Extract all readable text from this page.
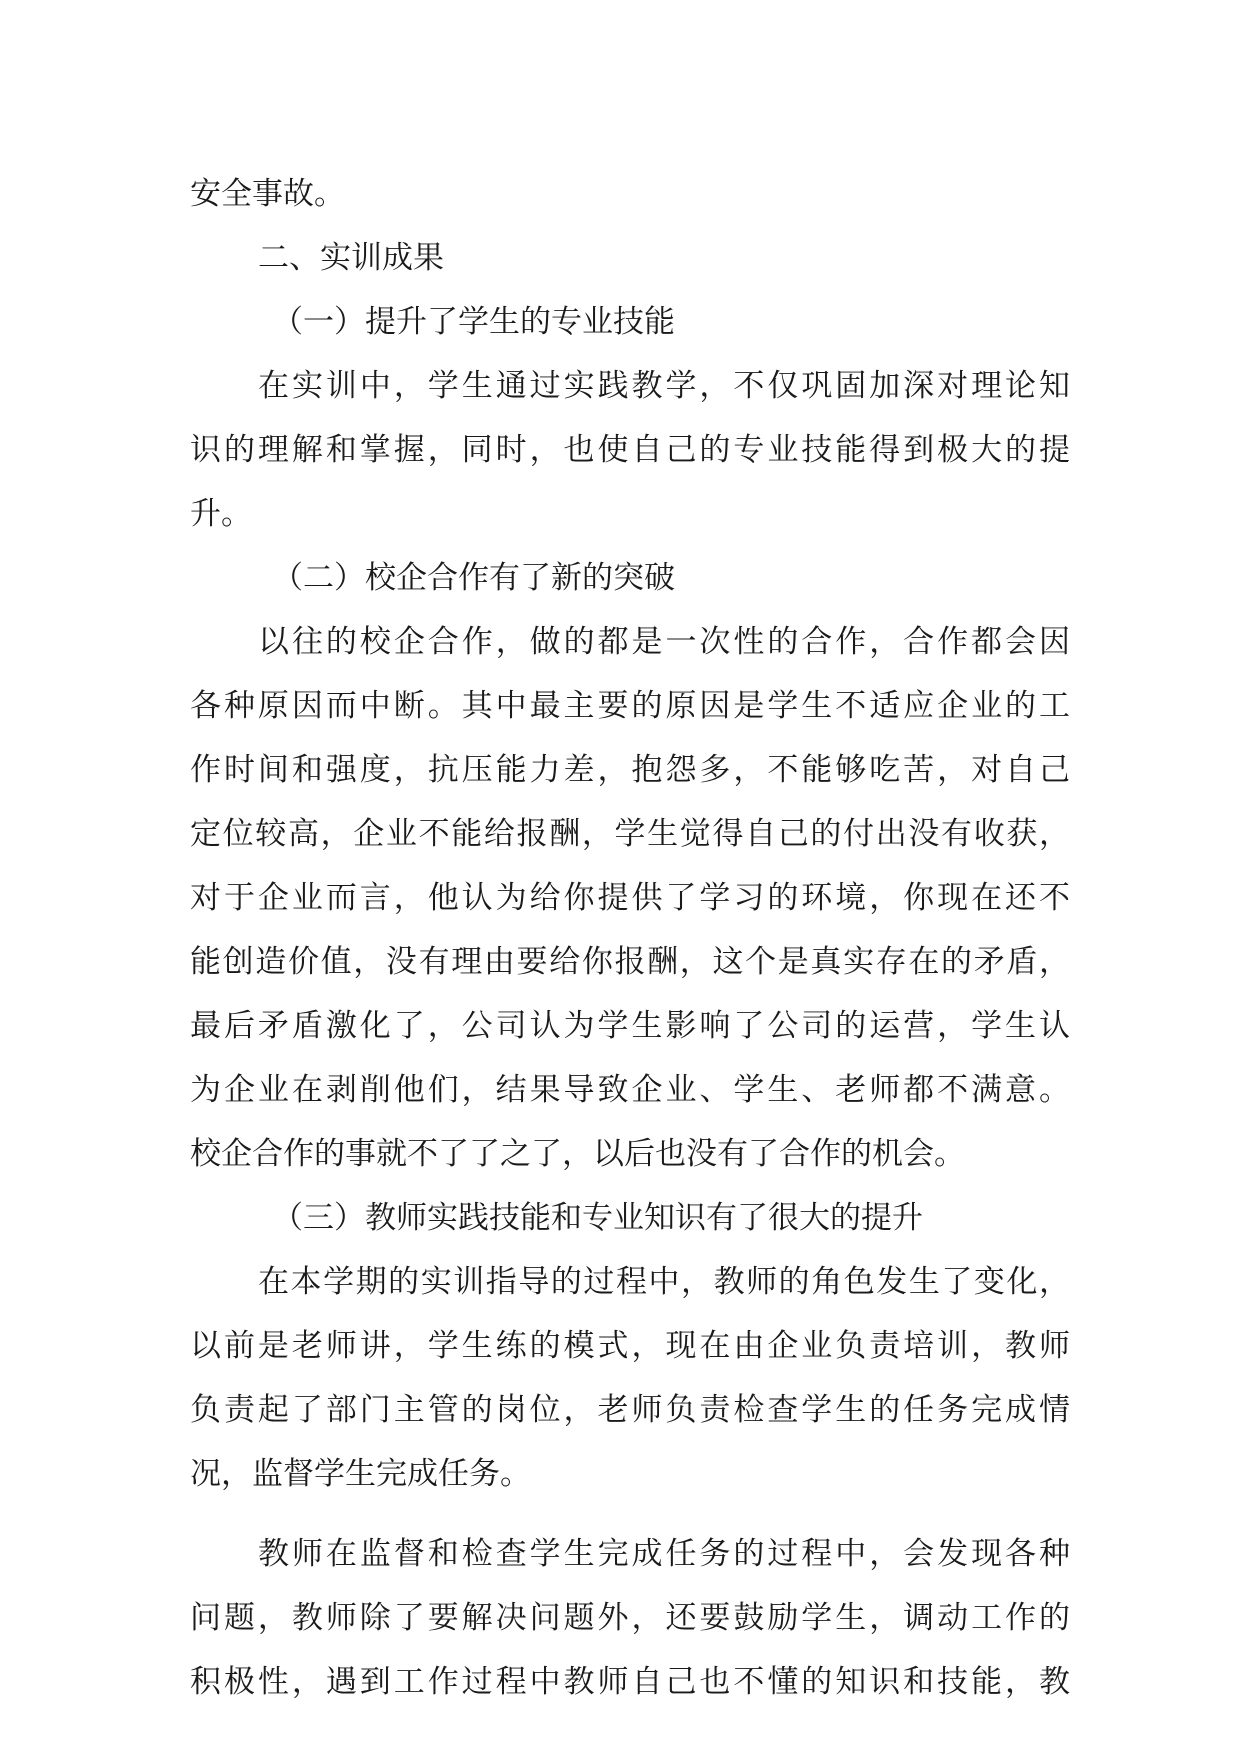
安全事故。
二、实训成果
（一）提升了学生的专业技能
在实训中，学生通过实践教学，不仅巩固加深对理论知
识的理解和掌握，同时，也使自己的专业技能得到极大的提
升。
（二）校企合作有了新的突破
以往的校企合作，做的都是一次性的合作，合作都会因
各种原因而中断。其中最主要的原因是学生不适应企业的工
作时间和强度，抗压能力差，抱怨多，不能够吃苦，对自己
定位较高，企业不能给报酬，学生觉得自己的付出没有收获，
对于企业而言，他认为给你提供了学习的环境，你现在还不
能创造价值，没有理由要给你报酬，这个是真实存在的矛盾，
最后矛盾激化了，公司认为学生影响了公司的运营，学生认
为企业在剥削他们，结果导致企业、学生、老师都不满意。
校企合作的事就不了了之了，以后也没有了合作的机会。
（三）教师实践技能和专业知识有了很大的提升
在本学期的实训指导的过程中，教师的角色发生了变化，
以前是老师讲，学生练的模式，现在由企业负责培训，教师
负责起了部门主管的岗位，老师负责检查学生的任务完成情
况，监督学生完成任务。
教师在监督和检查学生完成任务的过程中，会发现各种
问题，教师除了要解决问题外，还要鼓励学生，调动工作的
积极性，遇到工作过程中教师自己也不懂的知识和技能，教
